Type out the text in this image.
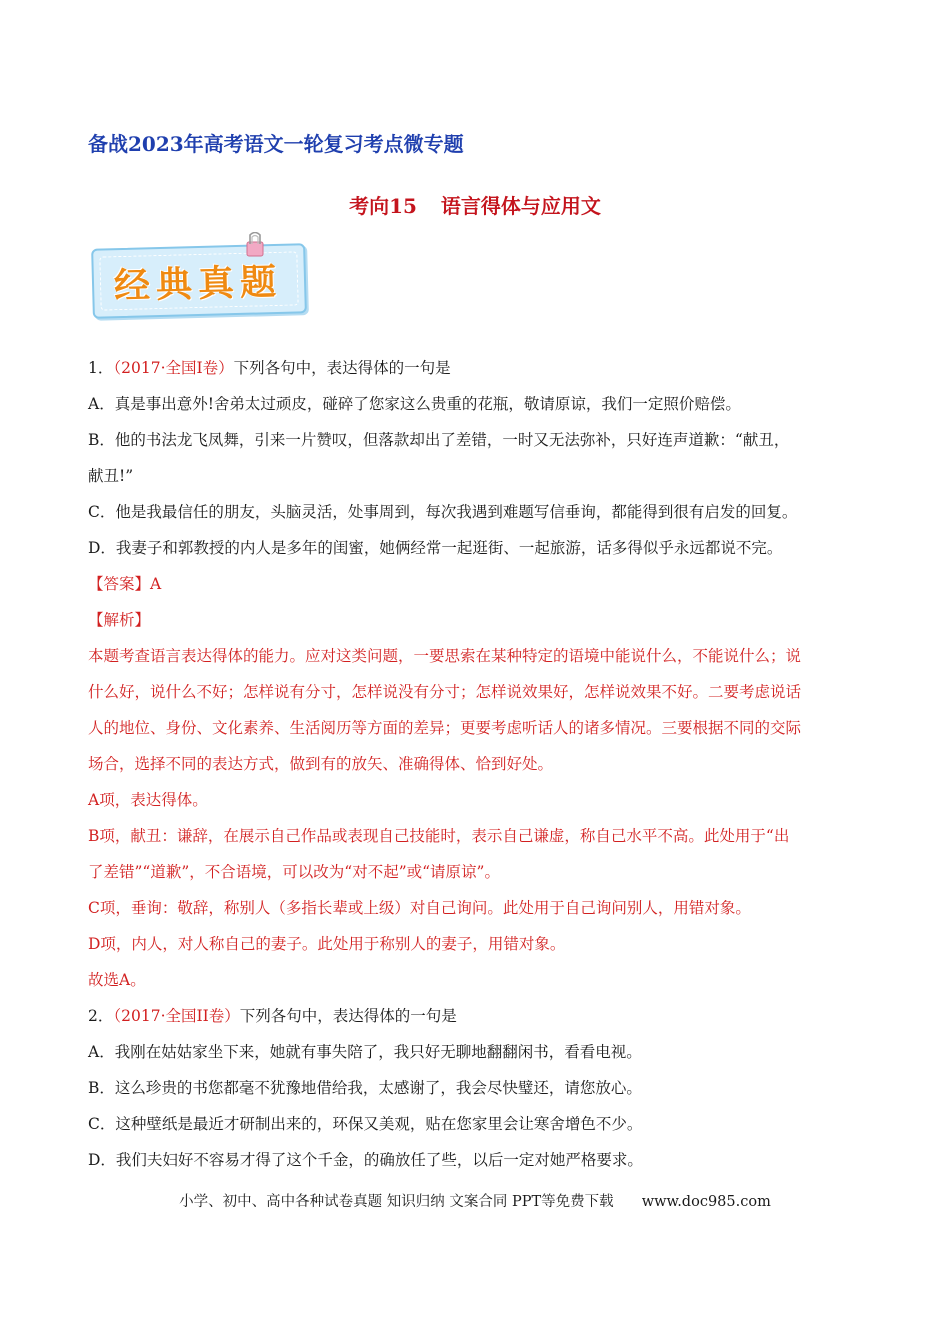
备战2023年高考语文一轮复习考点微专题
考向15 语言得体与应用文
经典真题
1．（2017·全国I卷）下列各句中，表达得体的一句是
A．真是事出意外!舍弟太过顽皮，碰碎了您家这么贵重的花瓶，敬请原谅，我们一定照价赔偿。
B．他的书法龙飞凤舞，引来一片赞叹，但落款却出了差错，一时又无法弥补，只好连声道歉：“献丑，
献丑!”
C．他是我最信任的朋友，头脑灵活，处事周到，每次我遇到难题写信垂询，都能得到很有启发的回复。
D．我妻子和郭教授的内人是多年的闺蜜，她俩经常一起逛街、一起旅游，话多得似乎永远都说不完。
【答案】A
【解析】
本题考查语言表达得体的能力。应对这类问题，一要思索在某种特定的语境中能说什么，不能说什么；说
什么好，说什么不好；怎样说有分寸，怎样说没有分寸；怎样说效果好，怎样说效果不好。二要考虑说话
人的地位、身份、文化素养、生活阅历等方面的差异；更要考虑听话人的诸多情况。三要根据不同的交际
场合，选择不同的表达方式，做到有的放矢、准确得体、恰到好处。
A项，表达得体。
B项，献丑：谦辞，在展示自己作品或表现自己技能时，表示自己谦虚，称自己水平不高。此处用于“出
了差错”“道歉”，不合语境，可以改为“对不起”或“请原谅”。
C项，垂询：敬辞，称别人（多指长辈或上级）对自己询问。此处用于自己询问别人，用错对象。
D项，内人，对人称自己的妻子。此处用于称别人的妻子，用错对象。
故选A。
2．（2017·全国II卷）下列各句中，表达得体的一句是
A．我刚在姑姑家坐下来，她就有事失陪了，我只好无聊地翻翻闲书，看看电视。
B．这么珍贵的书您都毫不犹豫地借给我，太感谢了，我会尽快璧还，请您放心。
C．这种壁纸是最近才研制出来的，环保又美观，贴在您家里会让寒舍增色不少。
D．我们夫妇好不容易才得了这个千金，的确放任了些，以后一定对她严格要求。
小学、初中、高中各种试卷真题 知识归纳 文案合同 PPT等免费下载 www.doc985.com
